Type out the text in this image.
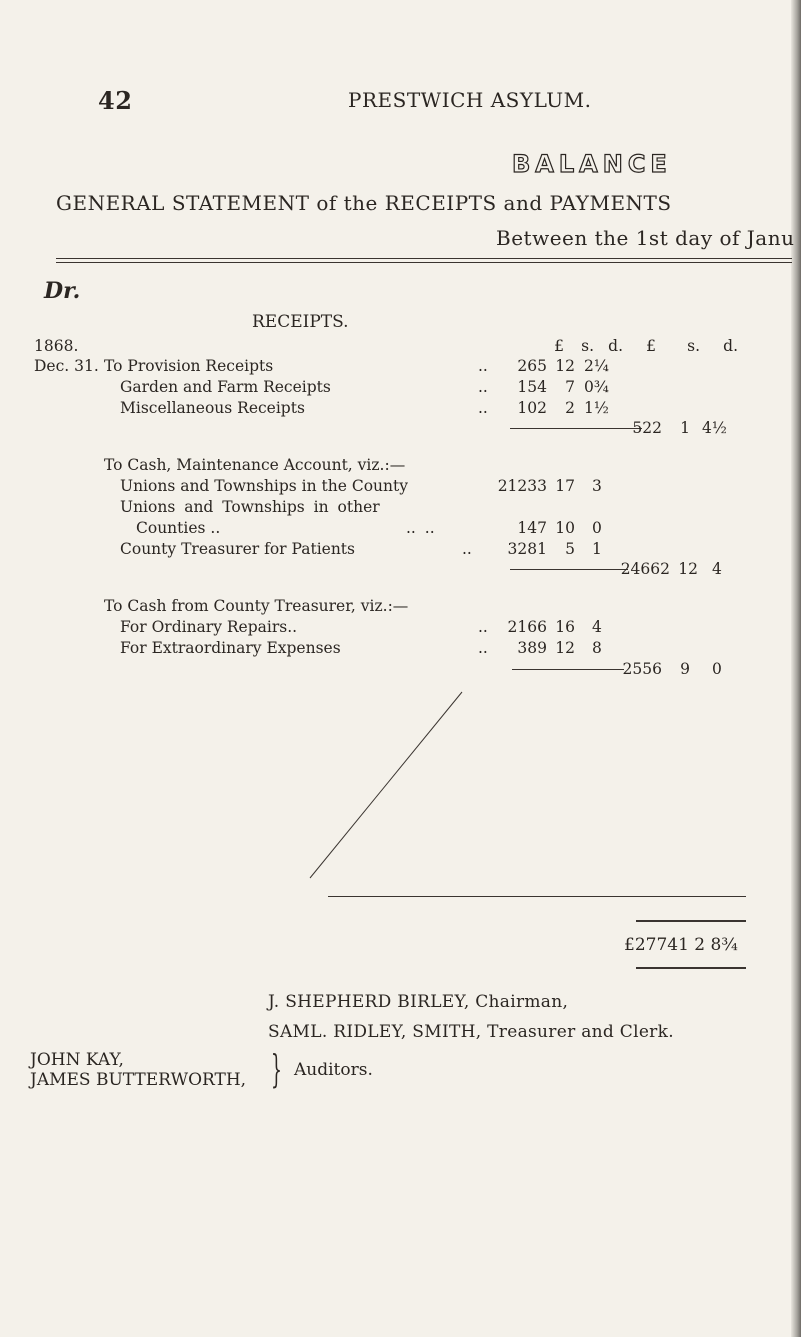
42	PRESTWICH ASYLUM.
BALANCE
GENERAL STATEMENT of the RECEIPTS and PAYMENTS
Between the 1st day of Janu
Dr.
RECEIPTS.
1868.	£	s. d.	£	s.	d.
Dec. 31. To Provision Receipts	..	265 12 2¼
Garden and Farm Receipts	..	154	7 0¾
Miscellaneous Receipts	..	102	2 1½
522	1 4½
To Cash, Maintenance Account, viz.:—
Unions and Townships in the County	21233 17 3
Unions and Townships in other
Counties ..	.. ..	147 10 0
County Treasurer for Patients	..	3281	5 1
24662 12 4
To Cash from County Treasurer, viz.:—
For Ordinary Repairs..	..	2166 16 4
For Extraordinary Expenses	..	389 12 8
2556	9 0
£27741 2 8¾
J. SHEPHERD BIRLEY, Chairman,
SAML. RIDLEY, SMITH, Treasurer and Clerk.
JOHN KAY,
JAMES BUTTERWORTH, } Auditors.
